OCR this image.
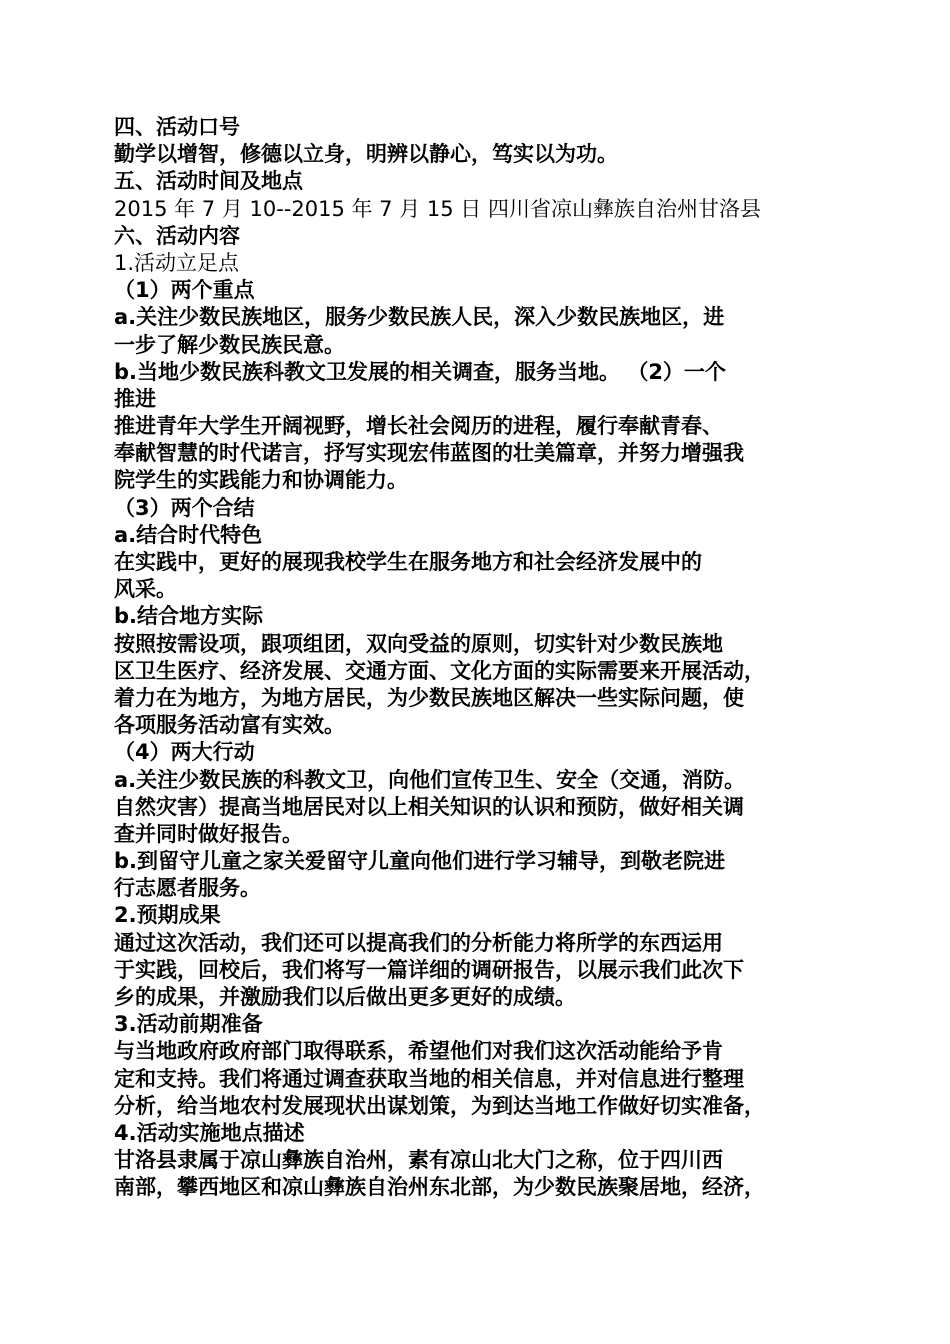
四、活动口号
勤学以增智，修德以立身，明辨以静心，笃实以为功。
五、活动时间及地点
2015 年 7 月 10--2015 年 7 月 15 日 四川省凉山彝族自治州甘洛县
六、活动内容
1.活动立足点
（1）两个重点
a.关注少数民族地区，服务少数民族人民，深入少数民族地区，进
一步了解少数民族民意。
b.当地少数民族科教文卫发展的相关调查，服务当地。 （2）一个
推进
推进青年大学生开阔视野，增长社会阅历的进程，履行奉献青春、
奉献智慧的时代诺言，抒写实现宏伟蓝图的壮美篇章，并努力增强我
院学生的实践能力和协调能力。
（3）两个合结
a.结合时代特色
在实践中，更好的展现我校学生在服务地方和社会经济发展中的
风采。
b.结合地方实际
按照按需设项，跟项组团，双向受益的原则，切实针对少数民族地
区卫生医疗、经济发展、交通方面、文化方面的实际需要来开展活动，
着力在为地方，为地方居民，为少数民族地区解决一些实际问题，使
各项服务活动富有实效。
（4）两大行动
a.关注少数民族的科教文卫，向他们宣传卫生、安全（交通，消防。
自然灾害）提高当地居民对以上相关知识的认识和预防，做好相关调
查并同时做好报告。
b.到留守儿童之家关爱留守儿童向他们进行学习辅导，到敬老院进
行志愿者服务。
2.预期成果
通过这次活动，我们还可以提高我们的分析能力将所学的东西运用
于实践，回校后，我们将写一篇详细的调研报告，以展示我们此次下
乡的成果，并激励我们以后做出更多更好的成绩。
3.活动前期准备
与当地政府政府部门取得联系，希望他们对我们这次活动能给予肯
定和支持。我们将通过调查获取当地的相关信息，并对信息进行整理
分析，给当地农村发展现状出谋划策，为到达当地工作做好切实准备，
4.活动实施地点描述
甘洛县隶属于凉山彝族自治州，素有凉山北大门之称，位于四川西
南部，攀西地区和凉山彝族自治州东北部，为少数民族聚居地，经济，
